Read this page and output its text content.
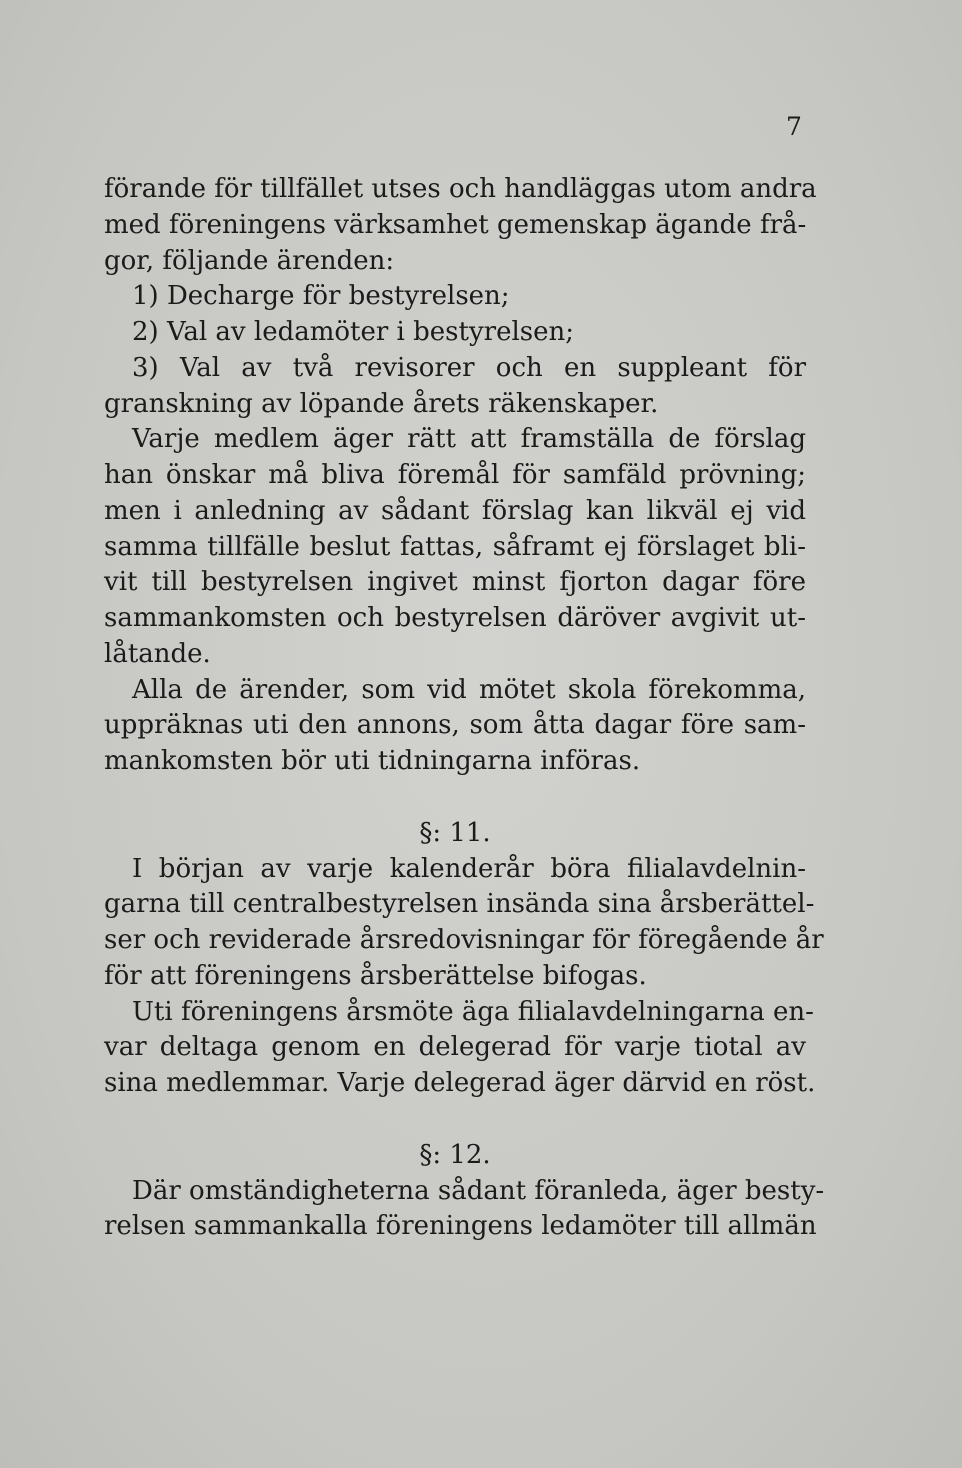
7
förande för tillfället utses och handläggas utom andra
med föreningens värksamhet gemenskap ägande frå-
gor, följande ärenden:
1) Decharge för bestyrelsen;
2) Val av ledamöter i bestyrelsen;
3) Val av två revisorer och en suppleant för
granskning av löpande årets räkenskaper.
Varje medlem äger rätt att framställa de förslag
han önskar må bliva föremål för samfäld prövning;
men i anledning av sådant förslag kan likväl ej vid
samma tillfälle beslut fattas, såframt ej förslaget bli-
vit till bestyrelsen ingivet minst fjorton dagar före
sammankomsten och bestyrelsen däröver avgivit ut-
låtande.
Alla de ärender, som vid mötet skola förekomma,
uppräknas uti den annons, som åtta dagar före sam-
mankomsten bör uti tidningarna införas.
§: 11.
I början av varje kalenderår böra filialavdelnin-
garna till centralbestyrelsen insända sina årsberättel-
ser och reviderade årsredovisningar för föregående år
för att föreningens årsberättelse bifogas.
Uti föreningens årsmöte äga filialavdelningarna en-
var deltaga genom en delegerad för varje tiotal av
sina medlemmar. Varje delegerad äger därvid en röst.
§: 12.
Där omständigheterna sådant föranleda, äger besty-
relsen sammankalla föreningens ledamöter till allmän
